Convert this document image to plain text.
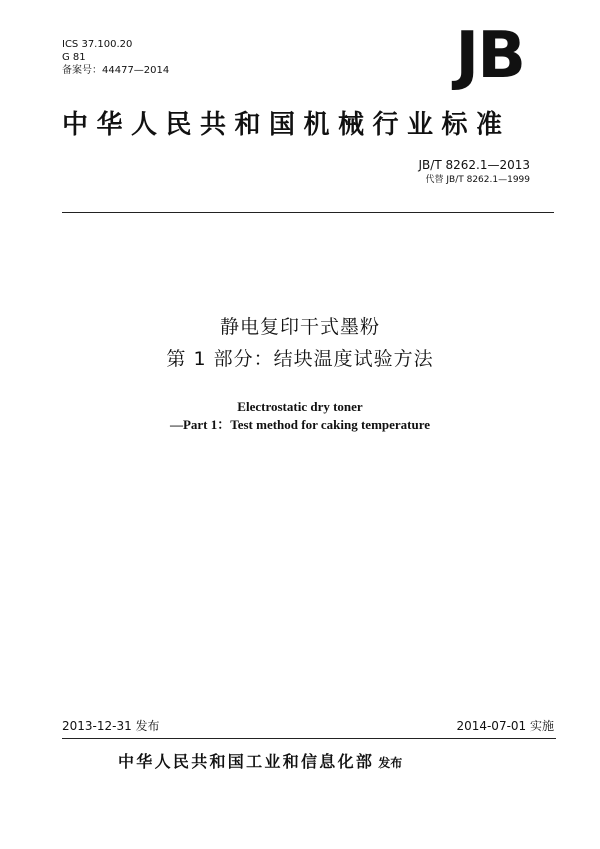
ICS 37.100.20
G 81
备案号：44477—2014	JB
中华人民共和国机械行业标准
JB/T 8262.1—2013
代替 JB/T 8262.1—1999
静电复印干式墨粉
第 1 部分：结块温度试验方法
Electrostatic dry toner
—Part 1：Test method for caking temperature
2013-12-31 发布	2014-07-01 实施
中华人民共和国工业和信息化部 发布
